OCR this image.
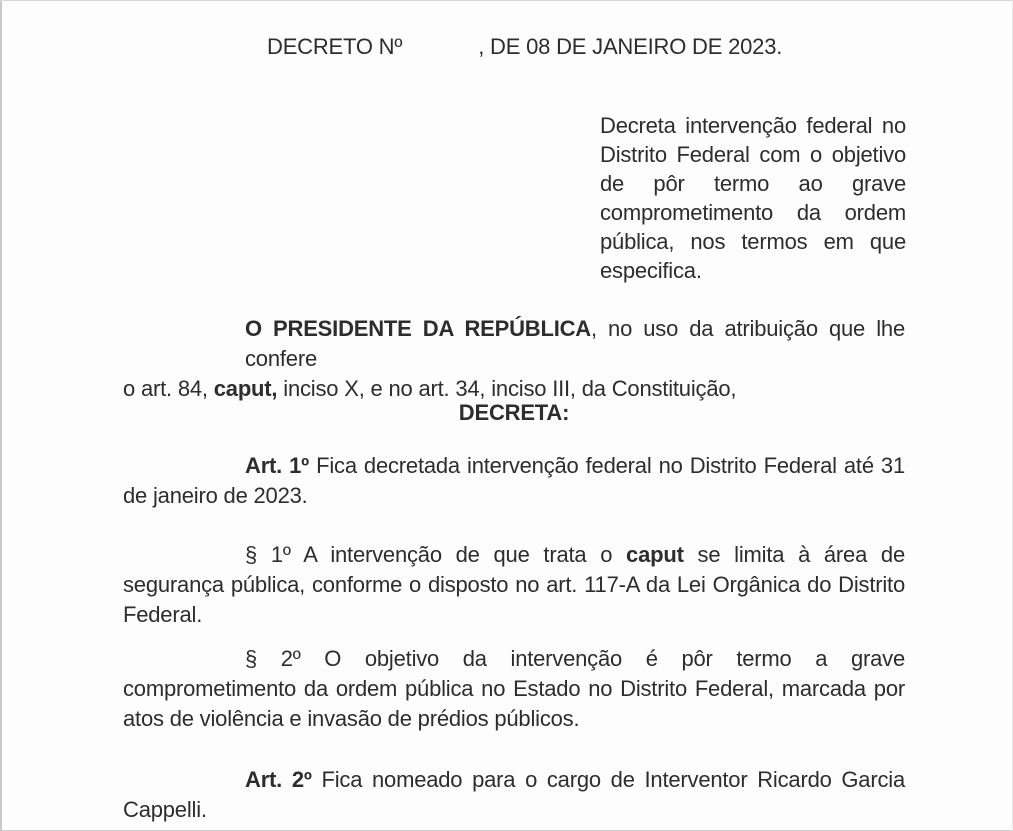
DECRETO Nº	, DE 08 DE JANEIRO DE 2023.
Decreta intervenção federal no
Distrito Federal com o objetivo
de pôr termo ao grave
comprometimento da ordem
pública, nos termos em que
especifica.
O PRESIDENTE DA REPÚBLICA, no uso da atribuição que lhe confere
o art. 84, caput, inciso X, e no art. 34, inciso III, da Constituição,
DECRETA:
Art. 1º Fica decretada intervenção federal no Distrito Federal até 31
de janeiro de 2023.
§ 1º A intervenção de que trata o caput se limita à área de
segurança pública, conforme o disposto no art. 117-A da Lei Orgânica do Distrito
Federal.
§ 2º O objetivo da intervenção é pôr termo a grave
comprometimento da ordem pública no Estado no Distrito Federal, marcada por
atos de violência e invasão de prédios públicos.
Art. 2º Fica nomeado para o cargo de Interventor Ricardo Garcia
Cappelli.
